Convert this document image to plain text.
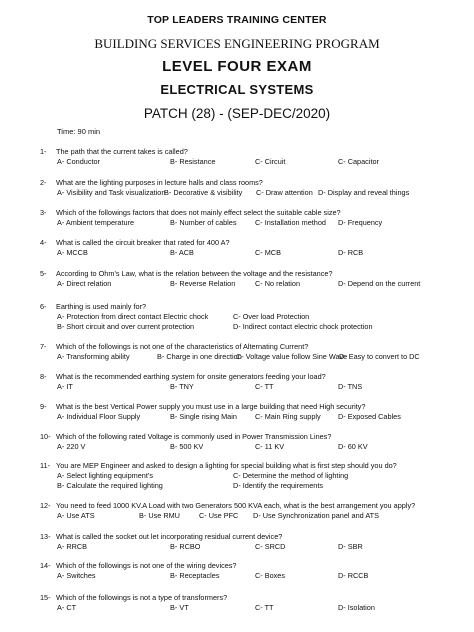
TOP LEADERS TRAINING CENTER
BUILDING SERVICES ENGINEERING PROGRAM
LEVEL FOUR EXAM
ELECTRICAL SYSTEMS
PATCH (28) - (SEP-DEC/2020)
Time: 90 min
1- The path that the current takes is called?
A- Conductor	B- Resistance	C- Circuit	C- Capacitor
2- What are the lighting purposes in lecture halls and class rooms?
A- Visibility and Task visualization
B- Decorative & visibility C- Draw attention D- Display and reveal things
3- Which of the followings factors that does not mainly effect select the suitable cable size?
A- Ambient temperature	B- Number of cables	C- Installation method D- Frequency
4- What is called the circuit breaker that rated for 400 A?
A- MCCB	B- ACB	C- MCB	D- RCB
5- According to Ohm’s Law, what is the relation between the voltage and the resistance?
A- Direct relation	B- Reverse Relation	C- No relation	D- Depend on the current
6- Earthing is used mainly for?
A- Protection from direct contact Electric chock	C- Over load Protection
B- Short circuit and over current protection	D- Indirect contact electric chock protection
7- Which of the followings is not one of the characteristics of Alternating Current?
A- Transforming ability	B- Charge in one direction
C- Voltage value follow Sine Wave
D- Easy to convert to DC
8- What is the recommended earthing system for onsite generators feeding your load?
A- IT	B- TNY	C- TT	D- TNS
9- What is the best Vertical Power supply you must use in a large building that need High security?
A- Individual Floor Supply	B- Single rising Main C- Main Ring supply D- Exposed Cables
10- Which of the following rated Voltage is commonly used in Power Transmission Lines?
A- 220 V	B- 500 KV	C- 11 KV	D- 60 KV
11- You are MEP Engineer and asked to design a lighting for special building what is first step should you do?
A- Select lighting equipment’s	C- Determine the method of lighting
B- Calculate the required lighting	D- Identify the requirements
12- You need to feed 1000 KV.A Load with two Generators 500 KVA each, what is the best arrangement you apply?
A- Use ATS	B- Use RMU	C- Use PFC D- Use Synchronization panel and ATS
13- What is called the socket out let incorporating residual current device?
A- RRCB	B- RCBO	C- SRCD	D- SBR
14- Which of the followings is not one of the wiring devices?
A- Switches	B- Receptacles	C- Boxes	D- RCCB
15- Which of the followings is not a type of transformers?
A- CT	B- VT	C- TT	D- Isolation
